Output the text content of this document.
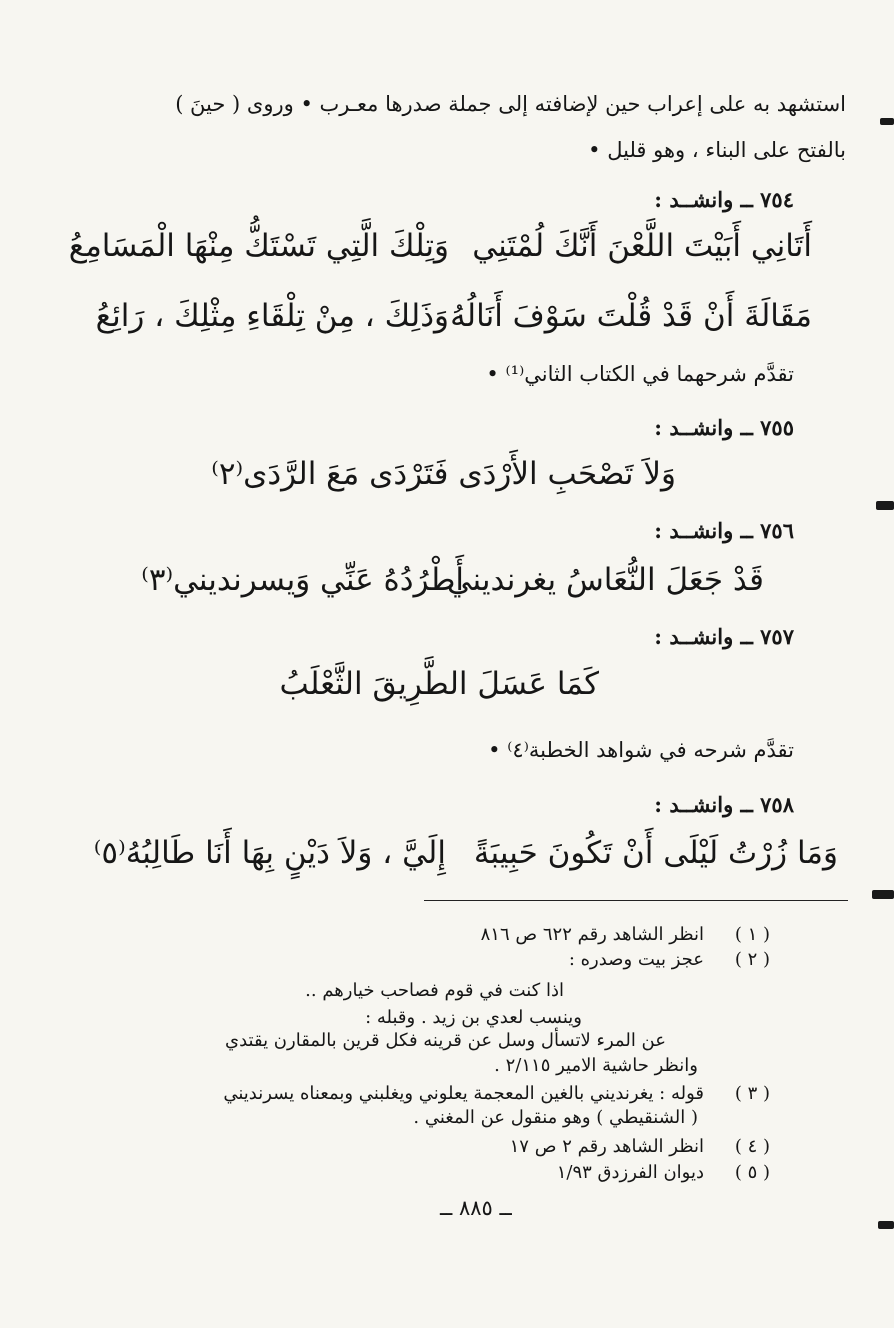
استشهد به على إعراب حين لإضافته إلى جملة صدرها معـرب • وروى ( حينَ )
بالفتح على البناء ، وهو قليل •
٧٥٤ ــ وانشــد :
أَتَانِي أَبَيْتَ اللَّعْنَ أَنَّكَ لُمْتَنِي
وَتِلْكَ الَّتِي تَسْتَكُّ مِنْهَا الْمَسَامِعُ
مَقَالَةَ أَنْ قَدْ قُلْتَ سَوْفَ أَنَالُهُ
وَذَلِكَ ، مِنْ تِلْقَاءِ مِثْلِكَ ، رَائِعُ
تقدَّم شرحهما في الكتاب الثاني⁽¹⁾ •
٧٥٥ ــ وانشــد :
وَلاَ تَصْحَبِ الأَرْدَى فَتَرْدَى مَعَ الرَّدَى⁽٢⁾
٧٥٦ ــ وانشــد :
قَدْ جَعَلَ النُّعَاسُ يغرنديني
أَطْرُدُهُ عَنِّي وَيسرنديني⁽٣⁾
٧٥٧ ــ وانشــد :
كَمَا عَسَلَ الطَّرِيقَ الثَّعْلَبُ
تقدَّم شرحه في شواهد الخطبة⁽٤⁾ •
٧٥٨ ــ وانشــد :
وَمَا زُرْتُ لَيْلَى أَنْ تَكُونَ حَبِيبَةً
إِلَيَّ ، وَلاَ دَيْنٍ بِهَا أَنَا طَالِبُهُ⁽٥⁾
( ١ )
انظر الشاهد رقم ٦٢٢ ص ٨١٦
( ٢ )
عجز بيت وصدره :
اذا كنت في قوم فصاحب خيارهم ..
وينسب لعدي بن زيد . وقبله :
عن المرء لاتسأل وسل عن قرينه فكل قرين بالمقارن يقتدي
وانظر حاشية الامير ٢/١١٥ .
( ٣ )
قوله : يغرنديني بالغين المعجمة يعلوني ويغلبني وبمعناه يسرنديني
( الشنقيطي ) وهو منقول عن المغني .
( ٤ )
انظر الشاهد رقم ٢ ص ١٧
( ٥ )
ديوان الفرزدق ١/٩٣
ــ ٨٨٥ ــ
